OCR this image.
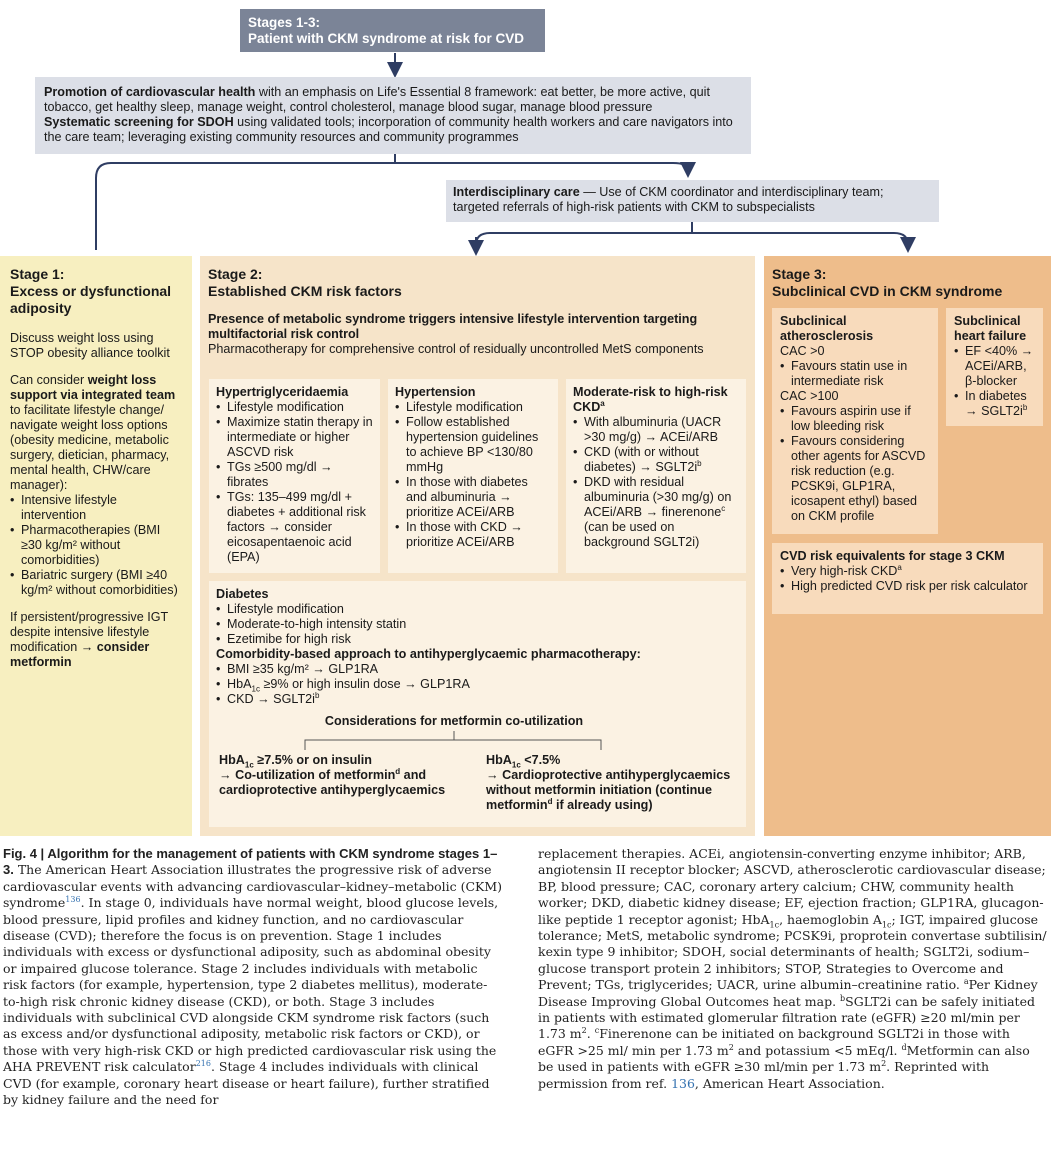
Stages 1-3:
Patient with CKM syndrome at risk for CVD

Promotion of cardiovascular health with an emphasis on Life's Essential 8 framework: eat better, be more active, quit tobacco, get healthy sleep, manage weight, control cholesterol, manage blood sugar, manage blood pressure

Systematic screening for SDOH using validated tools; incorporation of community health workers and care navigators into the care team; leveraging existing community resources and community programmes

Interdisciplinary care — Use of CKM coordinator and interdisciplinary team; targeted referrals of high-risk patients with CKM to subspecialists

Stage 1:
Excess or dysfunctional adiposity

Discuss weight loss using STOP obesity alliance toolkit

Can consider weight loss support via integrated team to facilitate lifestyle change/ navigate weight loss options (obesity medicine, metabolic surgery, dietician, pharmacy, mental health, CHW/care manager):

• Intensive lifestyle intervention
• Pharmacotherapies (BMI ≥30 kg/m² without comorbidities)
• Bariatric surgery (BMI ≥40 kg/m² without comorbidities)

If persistent/progressive IGT despite intensive lifestyle modification → consider metformin

Stage 2:
Established CKM risk factors

Presence of metabolic syndrome triggers intensive lifestyle intervention targeting multifactorial risk control

Pharmacotherapy for comprehensive control of residually uncontrolled MetS components

Hypertriglyceridaemia

• Lifestyle modification
• Maximize statin therapy in intermediate or higher ASCVD risk
• TGs ≥500 mg/dl → fibrates
• TGs: 135–499 mg/dl + diabetes + additional risk factors → consider eicosapentaenoic acid (EPA)

Hypertension

• Lifestyle modification
• Follow established hypertension guidelines to achieve BP <130/80 mmHg
• In those with diabetes and albuminuria → prioritize ACEi/ARB
• In those with CKD → prioritize ACEi/ARB

Moderate-risk to high-risk CKD$^a$

• With albuminuria (UACR >30 mg/g) → ACEi/ARB
• CKD (with or without diabetes) → $SGLT2i^b$
• DKD with residual albuminuria (>30 mg/g) on ACEi/ARB → finerenone$^c$ (can be used on background SGLT2i)

Diabetes

• Lifestyle modification
• Moderate-to-high intensity statin
• Ezetimibe for high risk

Comorbidity-based approach to antihyperglycaemic pharmacotherapy:

• BMI ≥35 kg/m² → GLP1RA
• HbA$_{1c}$ ≥9% or high insulin dose → GLP1RA
• CKD → $SGLT2i^b$
Considerations for metformin co-utilization

HbA$_{1c}$ ≥7.5% or on insulin

→ Co-utilization of metformin$^d$ and cardioprotective antihyperglycaemics

HbA$_{1c}$ <7.5%

→ Cardioprotective antihyperglycaemics without metformin initiation (continue metformin$^d$ if already using)

Stage 3:
Subclinical CVD in CKM syndrome

Subclinical atherosclerosis

CAC >0

• Favours statin use in intermediate risk

CAC >100

• Favours aspirin use if low bleeding risk
• Favours considering other agents for ASCVD risk reduction (e.g. PCSK9i, GLP1RA, icosapent ethyl) based on CKM profile

Subclinical heart failure

• EF <40% → ACEi/ARB, β-blocker
• In diabetes → $SGLT2i^b$

CVD risk equivalents for stage 3 CKM

• Very high-risk CKD$^a$
• High predicted CVD risk per risk calculator
Fig. 4 | Algorithm for the management of patients with CKM syndrome stages 1–3. The American Heart Association illustrates the progressive risk of adverse cardiovascular events with advancing cardiovascular–kidney–metabolic (CKM) syndrome$^{136}$. In stage 0, individuals have normal weight, blood glucose levels, blood pressure, lipid profiles and kidney function, and no cardiovascular disease (CVD); therefore the focus is on prevention. Stage 1 includes individuals with excess or dysfunctional adiposity, such as abdominal obesity or impaired glucose tolerance. Stage 2 includes individuals with metabolic risk factors (for example, hypertension, type 2 diabetes mellitus), moderate-to-high risk chronic kidney disease (CKD), or both. Stage 3 includes individuals with subclinical CVD alongside CKM syndrome risk factors (such as excess and/or dysfunctional adiposity, metabolic risk factors or CKD), or those with very high-risk CKD or high predicted cardiovascular risk using the AHA PREVENT risk calculator$^{216}$. Stage 4 includes individuals with clinical CVD (for example, coronary heart disease or heart failure), further stratified by kidney failure and the need for
replacement therapies. ACEi, angiotensin-converting enzyme inhibitor; ARB, angiotensin II receptor blocker; ASCVD, atherosclerotic cardiovascular disease; BP, blood pressure; CAC, coronary artery calcium; CHW, community health worker; DKD, diabetic kidney disease; EF, ejection fraction; GLP1RA, glucagon-like peptide 1 receptor agonist; HbA$_{1c}$, haemoglobin $A_{1c}$; IGT, impaired glucose tolerance; MetS, metabolic syndrome; PCSK9i, proprotein convertase subtilisin/ kexin type 9 inhibitor; SDOH, social determinants of health; SGLT2i, sodium–glucose transport protein 2 inhibitors; STOP, Strategies to Overcome and Prevent; TGs, triglycerides; UACR, urine albumin–creatinine ratio. $^a$Per Kidney Disease Improving Global Outcomes heat map. $^b$SGLT2i can be safely initiated in patients with estimated glomerular filtration rate (eGFR) ≥20 ml/min per 1.73 $m^2$. $^c$Finerenone can be initiated on background SGLT2i in those with eGFR >25 ml/ min per 1.73 $m^2$ and potassium <5 mEq/l. $^d$Metformin can also be used in patients with eGFR ≥30 ml/min per 1.73 $m^2$. Reprinted with permission from ref. 136, American Heart Association.
